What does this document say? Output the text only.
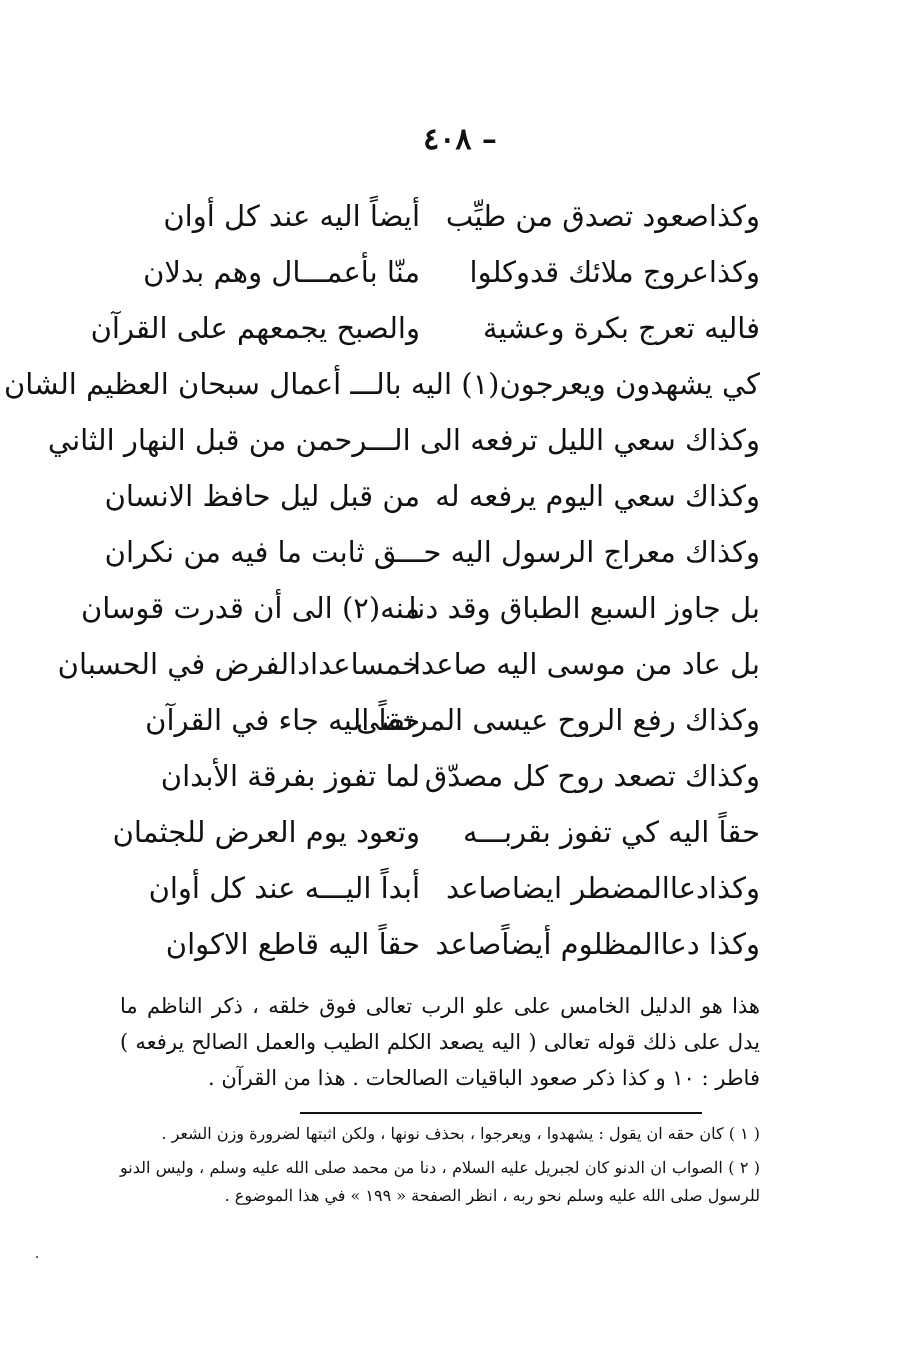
– ٤٠٨
وكذاصعود تصدق من طيِّب
أيضاً اليه عند كل أوان
وكذاعروج ملائك قدوكلوا
منّا بأعمـــال وهم بدلان
فاليه تعرج بكرة وعشية
والصبح يجمعهم على القرآن
كي يشهدون ويعرجون(١) اليه بالـــ أعمال سبحان العظيم الشان
وكذاك سعي الليل ترفعه الى الـــرحمن من قبل النهار الثاني
وكذاك سعي اليوم يرفعه له
من قبل ليل حافظ الانسان
وكذاك معراج الرسول اليه حـــق ثابت ما فيه من نكران
بل جاوز السبع الطباق وقد دنا
منه(٢) الى أن قدرت قوسان
بل عاد من موسى اليه صاعدا
خمساعدادالفرض في الحسبان
وكذاك رفع الروح عيسى المرتضى
حقاً اليه جاء في القرآن
وكذاك تصعد روح كل مصدّق
لما تفوز بفرقة الأبدان
حقاً اليه كي تفوز بقربـــه
وتعود يوم العرض للجثمان
وكذادعاالمضطر ايضاصاعد
أبداً اليـــه عند كل أوان
وكذا دعاالمظلوم أيضاًصاعد
حقاً اليه قاطع الاكوان

هذا هو الدليل الخامس على علو الرب تعالى فوق خلقه ، ذكر الناظم ما يدل على ذلك قوله تعالى ( اليه يصعد الكلم الطيب والعمل الصالح يرفعه ) فاطر : ١٠ و كذا ذكر صعود الباقيات الصالحات . هذا من القرآن .

( ١ ) كان حقه ان يقول : يشهدوا ، ويعرجوا ، بحذف نونها ، ولكن اثبتها لضرورة وزن الشعر .

( ٢ ) الصواب ان الدنو كان لجبريل عليه السلام ، دنا من محمد صلى الله عليه وسلم ، وليس الدنو للرسول صلى الله عليه وسلم نحو ربه ، انظر الصفحة « ١٩٩ » في هذا الموضوع .
